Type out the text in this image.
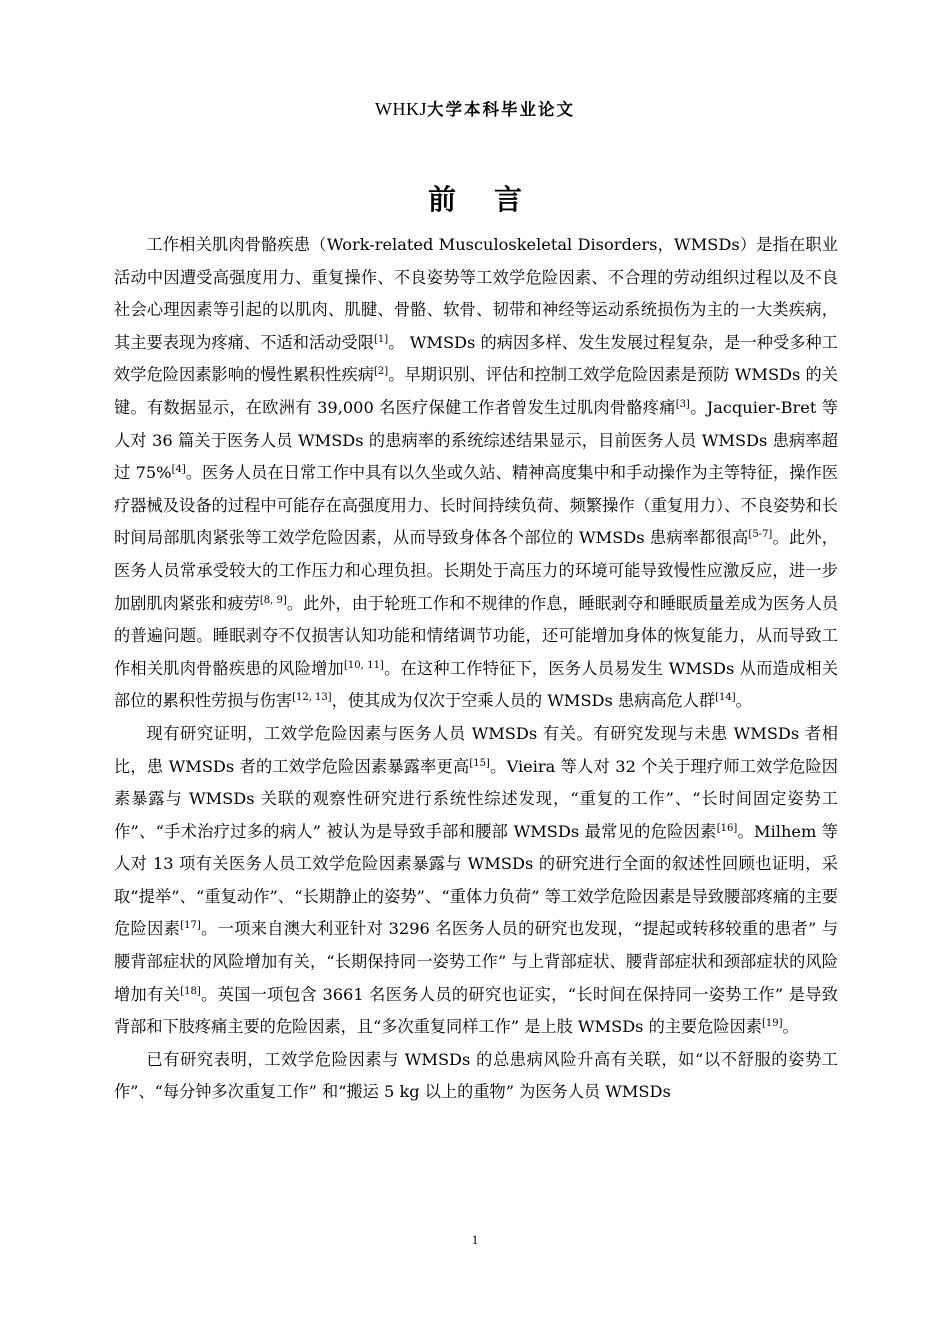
WHKJ大学本科毕业论文
前言

工作相关肌肉骨骼疾患（Work-related Musculoskeletal Disorders，WMSDs）是指在职业活动中因遭受高强度用力、重复操作、不良姿势等工效学危险因素、不合理的劳动组织过程以及不良社会心理因素等引起的以肌肉、肌腱、骨骼、软骨、韧带和神经等运动系统损伤为主的一大类疾病，其主要表现为疼痛、不适和活动受限[1]。 WMSDs 的病因多样、发生发展过程复杂，是一种受多种工效学危险因素影响的慢性累积性疾病[2]。早期识别、评估和控制工效学危险因素是预防 WMSDs 的关键。有数据显示，在欧洲有 39,000 名医疗保健工作者曾发生过肌肉骨骼疼痛[3]。Jacquier-Bret 等人对 36 篇关于医务人员 WMSDs 的患病率的系统综述结果显示，目前医务人员 WMSDs 患病率超过 75%[4]。医务人员在日常工作中具有以久坐或久站、精神高度集中和手动操作为主等特征，操作医疗器械及设备的过程中可能存在高强度用力、长时间持续负荷、频繁操作（重复用力）、不良姿势和长时间局部肌肉紧张等工效学危险因素，从而导致身体各个部位的 WMSDs 患病率都很高[5-7]。此外，医务人员常承受较大的工作压力和心理负担。长期处于高压力的环境可能导致慢性应激反应，进一步加剧肌肉紧张和疲劳[8, 9]。此外，由于轮班工作和不规律的作息，睡眠剥夺和睡眠质量差成为医务人员的普遍问题。睡眠剥夺不仅损害认知功能和情绪调节功能，还可能增加身体的恢复能力，从而导致工作相关肌肉骨骼疾患的风险增加[10, 11]。在这种工作特征下，医务人员易发生 WMSDs 从而造成相关部位的累积性劳损与伤害[12, 13]，使其成为仅次于空乘人员的 WMSDs 患病高危人群[14]。

现有研究证明，工效学危险因素与医务人员 WMSDs 有关。有研究发现与未患 WMSDs 者相比，患 WMSDs 者的工效学危险因素暴露率更高[15]。Vieira 等人对 32 个关于理疗师工效学危险因素暴露与 WMSDs 关联的观察性研究进行系统性综述发现，“重复的工作”、“长时间固定姿势工作”、“手术治疗过多的病人” 被认为是导致手部和腰部 WMSDs 最常见的危险因素[16]。Milhem 等人对 13 项有关医务人员工效学危险因素暴露与 WMSDs 的研究进行全面的叙述性回顾也证明，采取“提举”、“重复动作”、“长期静止的姿势”、“重体力负荷” 等工效学危险因素是导致腰部疼痛的主要危险因素[17]。一项来自澳大利亚针对 3296 名医务人员的研究也发现，“提起或转移较重的患者” 与腰背部症状的风险增加有关，“长期保持同一姿势工作” 与上背部症状、腰背部症状和颈部症状的风险增加有关[18]。英国一项包含 3661 名医务人员的研究也证实，“长时间在保持同一姿势工作” 是导致背部和下肢疼痛主要的危险因素，且“多次重复同样工作” 是上肢 WMSDs 的主要危险因素[19]。

已有研究表明，工效学危险因素与 WMSDs 的总患病风险升高有关联，如“以不舒服的姿势工作”、“每分钟多次重复工作” 和“搬运 5 kg 以上的重物” 为医务人员 WMSDs

1
